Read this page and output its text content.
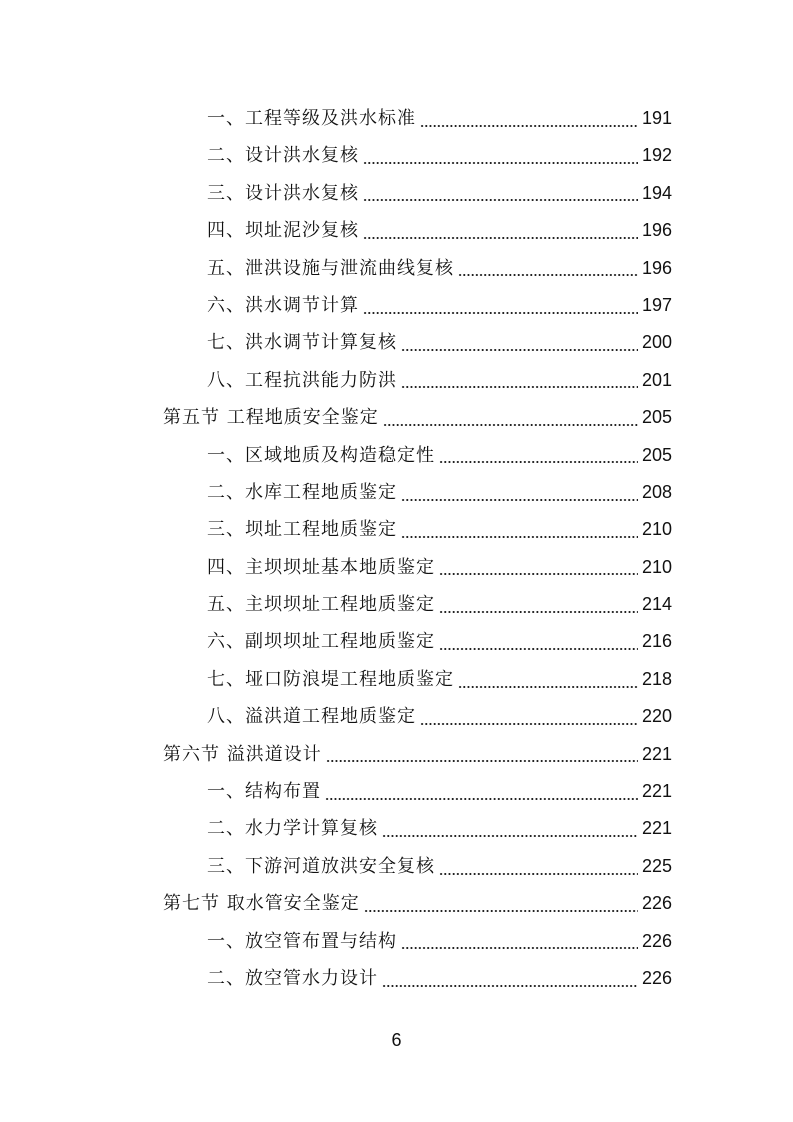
一、工程等级及洪水标准	191
二、设计洪水复核	192
三、设计洪水复核	194
四、坝址泥沙复核	196
五、泄洪设施与泄流曲线复核	196
六、洪水调节计算	197
七、洪水调节计算复核	200
八、工程抗洪能力防洪	201
第五节 工程地质安全鉴定	205
一、区域地质及构造稳定性	205
二、水库工程地质鉴定	208
三、坝址工程地质鉴定	210
四、主坝坝址基本地质鉴定	210
五、主坝坝址工程地质鉴定	214
六、副坝坝址工程地质鉴定	216
七、垭口防浪堤工程地质鉴定	218
八、溢洪道工程地质鉴定	220
第六节 溢洪道设计	221
一、结构布置	221
二、水力学计算复核	221
三、下游河道放洪安全复核	225
第七节 取水管安全鉴定	226
一、放空管布置与结构	226
二、放空管水力设计	226
6
